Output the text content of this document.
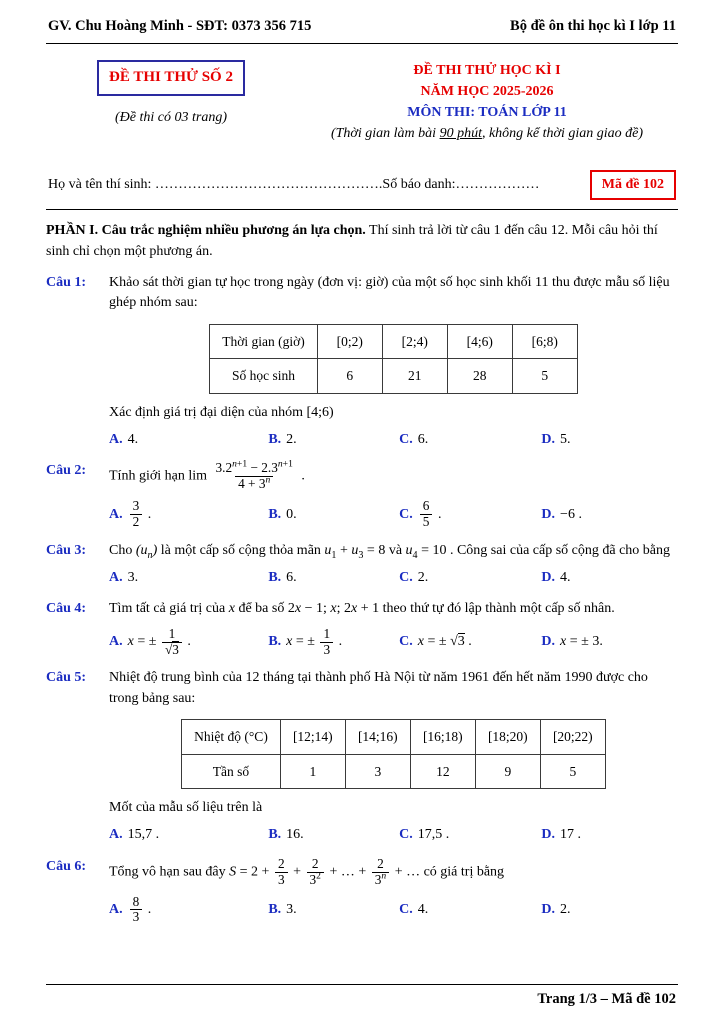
GV. Chu Hoàng Minh - SĐT: 0373 356 715	Bộ đề ôn thi học kì I lớp 11
ĐỀ THI THỬ SỐ 2
(Đề thi có 03 trang)
ĐỀ THI THỬ HỌC KÌ I
NĂM HỌC 2025-2026
MÔN THI: TOÁN LỚP 11
(Thời gian làm bài 90 phút, không kể thời gian giao đề)
Họ và tên thí sinh: ………………………………………….Số báo danh:………………	Mã đề 102
PHẦN I. Câu trắc nghiệm nhiều phương án lựa chọn. Thí sinh trả lời từ câu 1 đến câu 12. Mỗi câu hỏi thí sinh chỉ chọn một phương án.
Câu 1:	Khảo sát thời gian tự học trong ngày (đơn vị: giờ) của một số học sinh khối 11 thu được mẫu số liệu ghép nhóm sau:
Thời gian (giờ)	[0;2)	[2;4)	[4;6)	[6;8)
Số học sinh	6	21	28	5
Xác định giá trị đại diện của nhóm [4;6)
A. 4.	B. 2.	C. 6.	D. 5.
Câu 2:	Tính giới hạn $\lim \frac{3.2^{n+1} - 2.3^{n+1}}{4 + 3^n}$ .
A. $\frac{3}{2}$ .	B. 0.	C. $\frac{6}{5}$ .	D. −6 .
Câu 3:	Cho $(u_n)$ là một cấp số cộng thỏa mãn $u_1 + u_3 = 8$ và $u_4 = 10$ . Công sai của cấp số cộng đã cho bằng
A. 3.	B. 6.	C. 2.	D. 4.
Câu 4:	Tìm tất cả giá trị của x để ba số 2x − 1; x; 2x + 1 theo thứ tự đó lập thành một cấp số nhân.
A. x = ± $\frac{1}{√3}$ .	B. x = ± $\frac{1}{3}$ .	C. x = ± √3 .	D. x = ± 3.
Câu 5:	Nhiệt độ trung bình của 12 tháng tại thành phố Hà Nội từ năm 1961 đến hết năm 1990 được cho trong bảng sau:
Nhiệt độ (°C)	[12;14)	[14;16)	[16;18)	[18;20)	[20;22)
Tần số	1	3	12	9	5
Mốt của mẫu số liệu trên là
A. 15,7 .	B. 16.	C. 17,5 .	D. 17 .
Câu 6:	Tổng vô hạn sau đây $S = 2 + \frac{2}{3} + \frac{2}{3^2}$ + … + $\frac{2}{3^n}$ + … có giá trị bằng
A. $\frac{8}{3}$ .	B. 3.	C. 4.	D. 2.
Trang 1/3 – Mã đề 102
